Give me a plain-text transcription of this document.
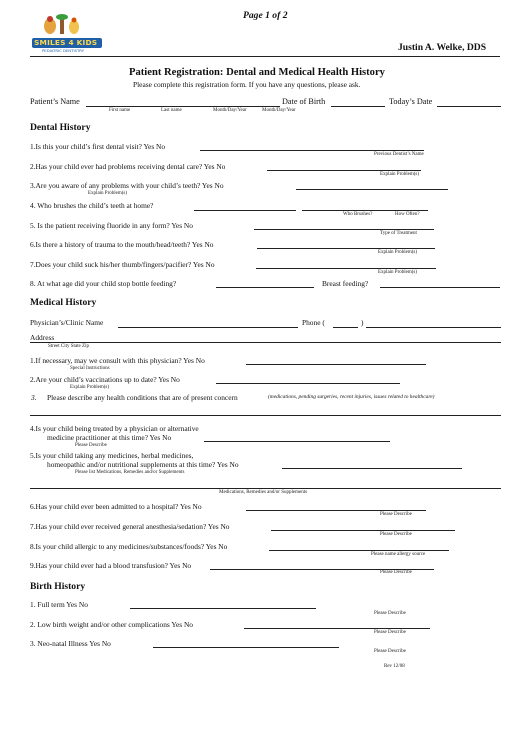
SMILES 4 KIDS
PEDIATRIC DENTISTRY
Page 1 of 2
Justin A. Welke, DDS
Patient Registration: Dental and Medical Health History
Please complete this registration form. If you have any questions, please ask.
Patient’s Name	Date of Birth	Today’s Date
First name	Last name	Month/Day/Year	Month/Day/Year
Dental History
1.Is this your child’s first dental visit? Yes No
Previous Dentist’s Name
2.Has your child ever had problems receiving dental care? Yes No
Explain Problem(s)
3.Are you aware of any problems with your child’s teeth? Yes No
Explain Problem(s)
4. Who brushes the child’s teeth at home?
Who Brushes?	How Often?
5. Is the patient receiving fluoride in any form? Yes No
Type of Treatment
6.Is there a history of trauma to the mouth/head/teeth? Yes No
Explain Problem(s)
7.Does your child suck his/her thumb/fingers/pacifier? Yes No
Explain Problem(s)
8. At what age did your child stop bottle feeding?	Breast feeding?
Medical History
Physician’s/Clinic Name	Phone (	)
Address
Street City State Zip
1.If necessary, may we consult with this physician? Yes No
Special Instructions
2.Are your child’s vaccinations up to date? Yes No
Explain Problem(s)
3. Please describe any health conditions that are of present concern	(medications, pending surgeries, recent injuries, issues related to healthcare)
4.Is your child being treated by a physician or alternative
medicine practitioner at this time? Yes No
Please Describe
5.Is your child taking any medicines, herbal medicines,
homeopathic and/or nutritional supplements at this time? Yes No
Please list Medications, Remedies and/or Supplements
Medications, Remedies and/or Supplements
6.Has your child ever been admitted to a hospital? Yes No
Please Describe
7.Has your child ever received general anesthesia/sedation? Yes No
Please Describe
8.Is your child allergic to any medicines/substances/foods? Yes No
Please name allergy source
9.Has your child ever had a blood transfusion? Yes No
Please Describe
Birth History
1. Full term Yes No
Please Describe
2. Low birth weight and/or other complications Yes No
Please Describe
3. Neo-natal Illness Yes No
Please Describe
Rev 12/08
